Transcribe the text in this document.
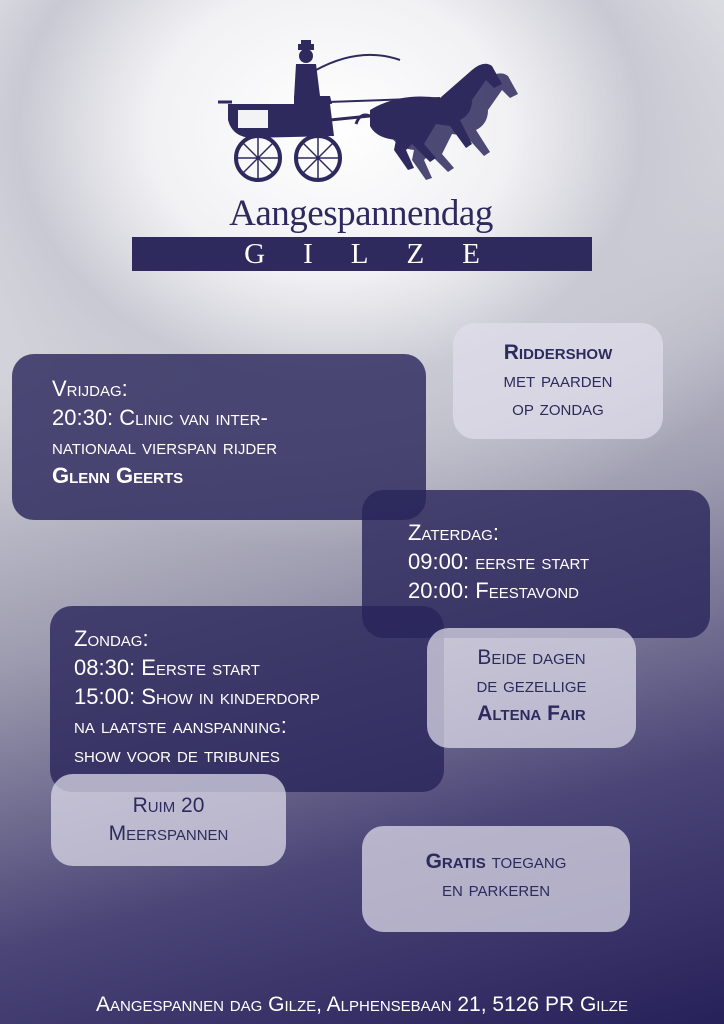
Aangespannendag
GILZE

Riddershow

met paarden

op zondag

Vrijdag:

20:30: Clinic van inter-

nationaal vierspan rijder

Glenn Geerts

Zaterdag:

09:00: eerste start

20:00: Feestavond

Zondag:

08:30: Eerste start

15:00: Show in kinderdorp

na laatste aanspanning:

show voor de tribunes

Beide dagen

de gezellige

Altena Fair

Ruim 20

Meerspannen

Gratis toegang

en parkeren

Aangespannen dag Gilze, Alphensebaan 21, 5126 PR Gilze
